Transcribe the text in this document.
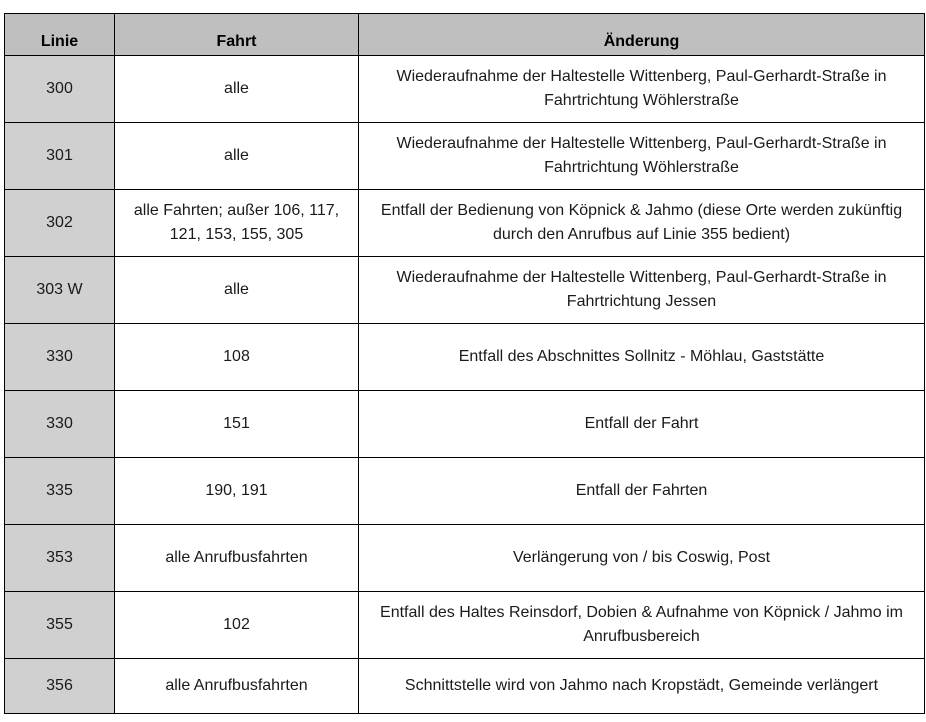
Linie	Fahrt	Änderung
300	alle	Wiederaufnahme der Haltestelle Wittenberg, Paul-Gerhardt-Straße in Fahrtrichtung Wöhlerstraße
301	alle	Wiederaufnahme der Haltestelle Wittenberg, Paul-Gerhardt-Straße in Fahrtrichtung Wöhlerstraße
302	alle Fahrten; außer 106, 117, 121, 153, 155, 305	Entfall der Bedienung von Köpnick & Jahmo (diese Orte werden zukünftig durch den Anrufbus auf Linie 355 bedient)
303 W	alle	Wiederaufnahme der Haltestelle Wittenberg, Paul-Gerhardt-Straße in Fahrtrichtung Jessen
330	108	Entfall des Abschnittes Sollnitz - Möhlau, Gaststätte
330	151	Entfall der Fahrt
335	190, 191	Entfall der Fahrten
353	alle Anrufbusfahrten	Verlängerung von / bis Coswig, Post
355	102	Entfall des Haltes Reinsdorf, Dobien & Aufnahme von Köpnick / Jahmo im Anrufbusbereich
356	alle Anrufbusfahrten	Schnittstelle wird von Jahmo nach Kropstädt, Gemeinde verlängert
